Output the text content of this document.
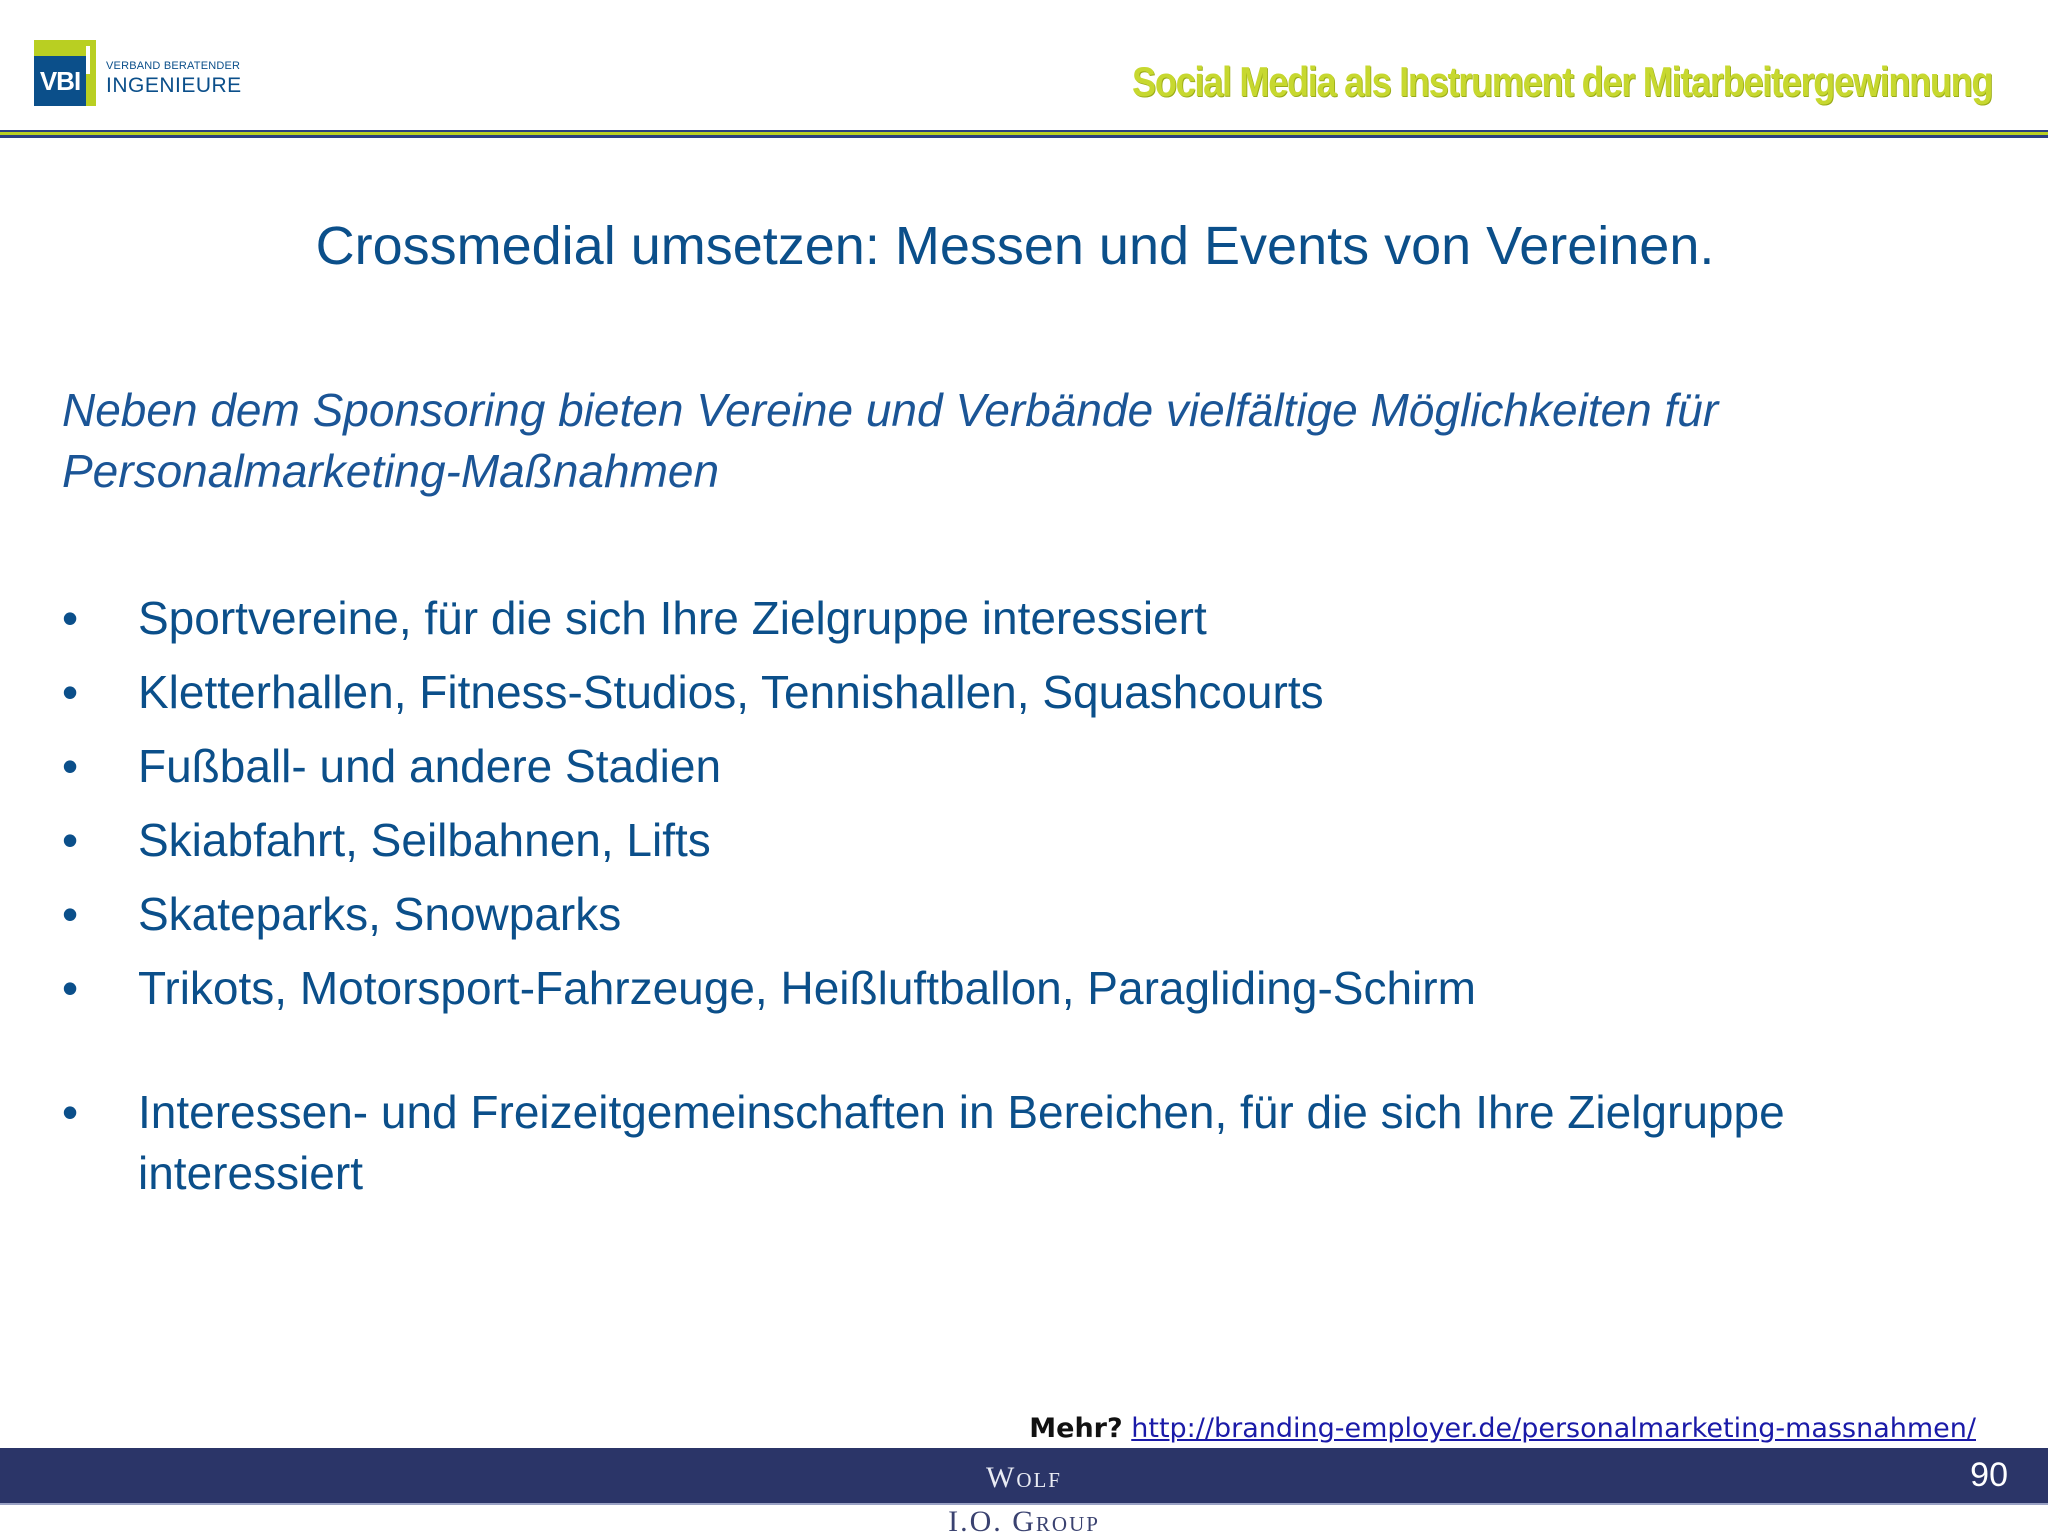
VBI
VERBAND BERATENDER
INGENIEURE	Social Media als Instrument der Mitarbeitergewinnung
Crossmedial umsetzen: Messen und Events von Vereinen.
Neben dem Sponsoring bieten Vereine und Verbände vielfältige Möglichkeiten für Personalmarketing-Maßnahmen
•	Sportvereine, für die sich Ihre Zielgruppe interessiert
•	Kletterhallen, Fitness-Studios, Tennishallen, Squashcourts
•	Fußball- und andere Stadien
•	Skiabfahrt, Seilbahnen, Lifts
•	Skateparks, Snowparks
•	Trikots, Motorsport-Fahrzeuge, Heißluftballon, Paragliding-Schirm
•	Interessen- und Freizeitgemeinschaften in Bereichen, für die sich Ihre Zielgruppe interessiert
Mehr? http://branding-employer.de/personalmarketing-massnahmen/
Wolf
I.O. Group
90
